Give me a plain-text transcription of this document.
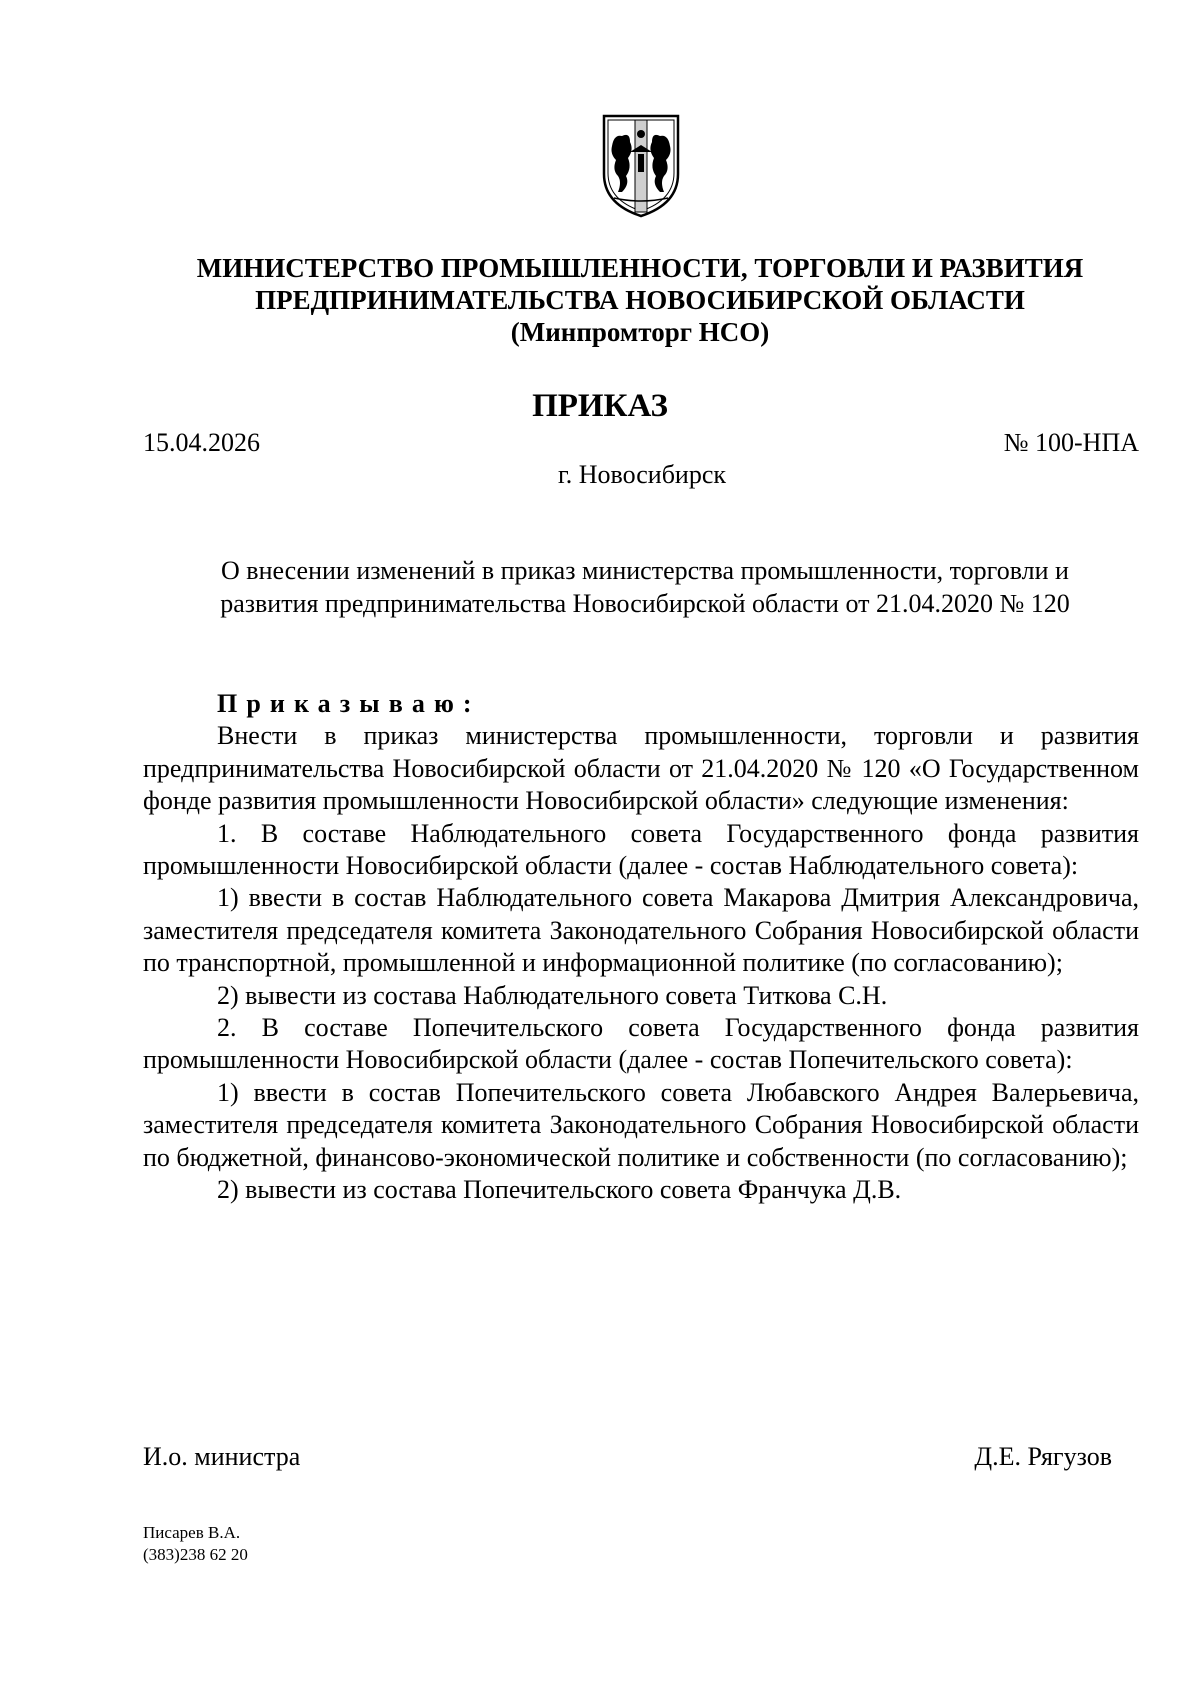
МИНИСТЕРСТВО ПРОМЫШЛЕННОСТИ, ТОРГОВЛИ И РАЗВИТИЯ
ПРЕДПРИНИМАТЕЛЬСТВА НОВОСИБИРСКОЙ ОБЛАСТИ
(Минпромторг НСО)
ПРИКАЗ
15.04.2026	№ 100-НПА
г. Новосибирск
О внесении изменений в приказ министерства промышленности, торговли и
развития предпринимательства Новосибирской области от 21.04.2020 № 120

Приказываю:

Внести в приказ министерства промышленности, торговли и развития предпринимательства Новосибирской области от 21.04.2020 № 120 «О Государственном фонде развития промышленности Новосибирской области» следующие изменения:

1. В составе Наблюдательного совета Государственного фонда развития промышленности Новосибирской области (далее - состав Наблюдательного совета):

1) ввести в состав Наблюдательного совета Макарова Дмитрия Александровича, заместителя председателя комитета Законодательного Собрания Новосибирской области по транспортной, промышленной и информационной политике (по согласованию);

2) вывести из состава Наблюдательного совета Титкова С.Н.

2. В составе Попечительского совета Государственного фонда развития промышленности Новосибирской области (далее - состав Попечительского совета):

1) ввести в состав Попечительского совета Любавского Андрея Валерьевича, заместителя председателя комитета Законодательного Собрания Новосибирской области по бюджетной, финансово-экономической политике и собственности (по согласованию);

2) вывести из состава Попечительского совета Франчука Д.В.

И.о. министра	Д.Е. Рягузов
Писарев В.А.
(383)238 62 20
